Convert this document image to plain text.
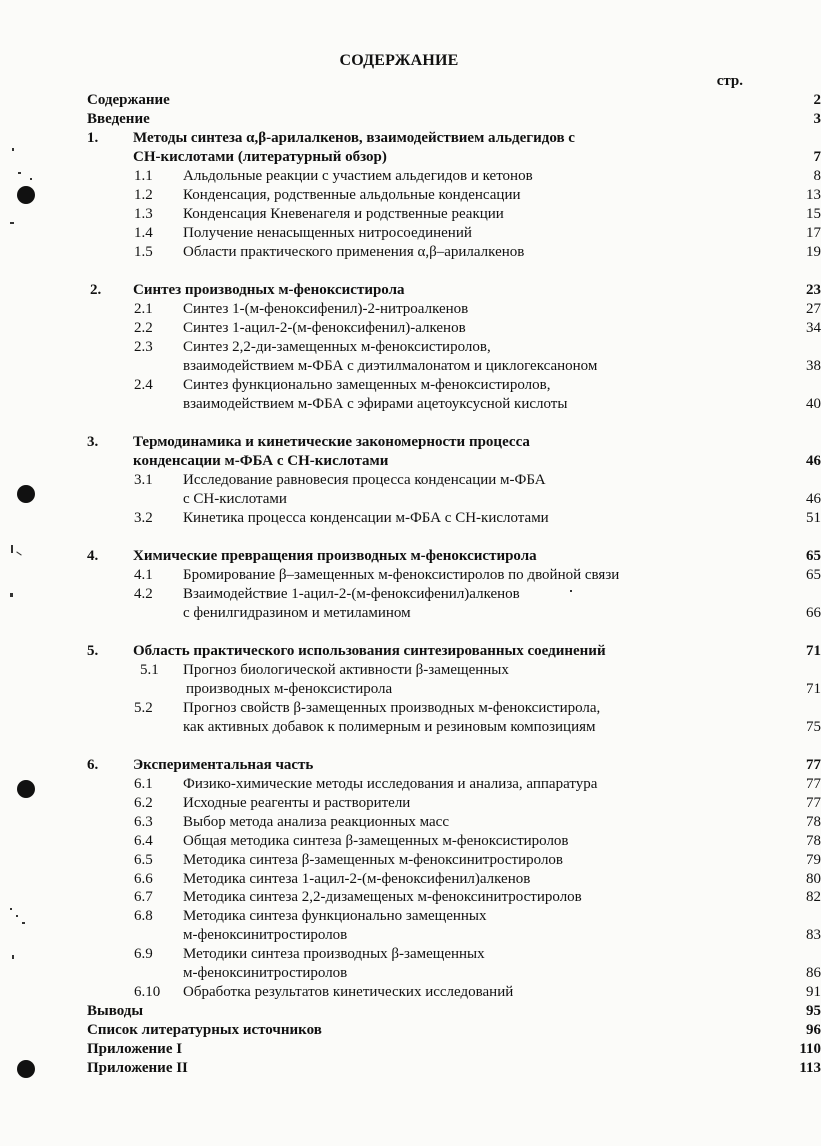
СОДЕРЖАНИЕ
стр.
Содержание	2
Введение	3
1. Методы синтеза α,β-арилалкенов, взаимодействием альдегидов с
СН-кислотами (литературный обзор)	7
1.1 Альдольные реакции с участием альдегидов и кетонов	8
1.2 Конденсация, родственные альдольные конденсации	13
1.3 Конденсация Кневенагеля и родственные реакции	15
1.4 Получение ненасыщенных нитросоединений	17
1.5 Области практического применения α,β–арилалкенов	19
2. Синтез производных м-феноксистирола	23
2.1 Синтез 1-(м-феноксифенил)-2-нитроалкенов	27
2.2 Синтез 1-ацил-2-(м-феноксифенил)-алкенов	34
2.3 Синтез 2,2-ди-замещенных м-феноксистиролов,
взаимодействием м-ФБА с диэтилмалонатом и циклогексаноном	38
2.4 Синтез функционально замещенных м-феноксистиролов,
взаимодействием м-ФБА с эфирами ацетоуксусной кислоты	40
3. Термодинамика и кинетические закономерности процесса
конденсации м-ФБА с СН-кислотами	46
3.1 Исследование равновесия процесса конденсации м-ФБА
с СН-кислотами	46
3.2 Кинетика процесса конденсации м-ФБА с СН-кислотами	51
4. Химические превращения производных м-феноксистирола	65
4.1 Бромирование β–замещенных м-феноксистиролов по двойной связи	65
4.2 Взаимодействие 1-ацил-2-(м-феноксифенил)алкенов
с фенилгидразином и метиламином	66
5. Область практического использования синтезированных соединений	71
5.1 Прогноз биологической активности β-замещенных
производных м-феноксистирола	71
5.2 Прогноз свойств β-замещенных производных м-феноксистирола,
как активных добавок к полимерным и резиновым композициям	75
6. Экспериментальная часть	77
6.1 Физико-химические методы исследования и анализа, аппаратура	77
6.2 Исходные реагенты и растворители	77
6.3 Выбор метода анализа реакционных масс	78
6.4 Общая методика синтеза β-замещенных м-феноксистиролов	78
6.5 Методика синтеза β-замещенных м-феноксинитростиролов	79
6.6 Методика синтеза 1-ацил-2-(м-феноксифенил)алкенов	80
6.7 Методика синтеза 2,2-дизамещеных м-феноксинитростиролов	82
6.8 Методика синтеза функционально замещенных
м-феноксинитростиролов	83
6.9 Методики синтеза производных β-замещенных
м-феноксинитростиролов	86
6.10 Обработка результатов кинетических исследований	91
Выводы	95
Список литературных источников	96
Приложение I	110
Приложение II	113
